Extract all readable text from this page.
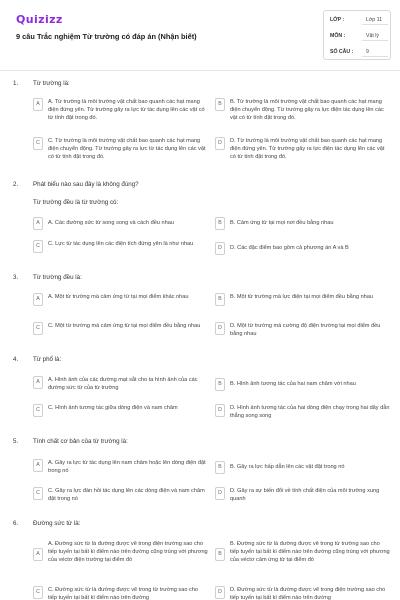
Quizizz
9 câu Trắc nghiệm Từ trường có đáp án (Nhận biết)
LỚP :	Lớp 11
MÔN :	Vật lý
SỐ CÂU : 9
1. Từ trường là:
A	A. Từ trường là môi trường vật chất bao quanh các hạt mang điện đứng yên. Từ trường gây ra lực từ tác dụng lên các vật có từ tính đặt trong đó.
B	B. Từ trường là môi trường vật chất bao quanh các hạt mang điện chuyển động. Từ trường gây ra lực điện tác dụng lên các vật có từ tính đặt trong đó.
C	C. Từ trường là môi trường vật chất bao quanh các hạt mang điện chuyển động. Từ trường gây ra lực từ tác dụng lên các vật có từ tính đặt trong đó.
D	D. Từ trường là môi trường vật chất bao quanh các hạt mang điện đứng yên. Từ trường gây ra lực điện tác dụng lên các vật có từ tính đặt trong đó.
2. Phát biểu nào sau đây là không đúng?
Từ trường đều là từ trường có:
A	A. Các đường sức từ song song và cách đều nhau	B	B. Cảm ứng từ tại mọi nơi đều bằng nhau
C	C. Lực từ tác dụng lên các điện tích đứng yên là như nhau
D	D. Các đặc điểm bao gồm cả phương án A và B
3. Từ trường đều là:
A	A. Một từ trường mà cảm ứng từ tại mọi điểm khác nhau	B	B. Một từ trường mà lực điện tại mọi điểm đều bằng nhau
C	C. Một từ trường mà cảm ứng từ tại mọi điểm đều bằng nhau	D	D. Một từ trường mà cường độ điện trường tại mọi điểm đều bằng nhau
4. Từ phổ là:
A	A. Hình ảnh của các đường mạt sắt cho ta hình ảnh của các đường sức từ của từ trường
B	B. Hình ảnh tương tác của hai nam châm với nhau
C	C. Hình ảnh tương tác giữa dòng điện và nam châm	D	D. Hình ảnh tương tác của hai dòng điện chạy trong hai dây dẫn thẳng song song
5. Tính chất cơ bản của từ trường là:
A	A. Gây ra lực từ tác dụng lên nam châm hoặc lên dòng điện đặt trong nó
B	B. Gây ra lực hấp dẫn lên các vật đặt trong nó
C	C. Gây ra lực đàn hồi tác dụng lên các dòng điện và nam châm đặt trong nó
D	D. Gây ra sự biến đổi về tính chất điện của môi trường xung quanh
6. Đường sức từ là:
A
A. Đường sức từ là đường được vẽ trong điện trường sao cho tiếp tuyến tại bất kì điểm nào trên đường cũng trùng với phương của véctơ điện trường tại điểm đó
B
B. Đường sức từ là đường được vẽ trong từ trường sao cho tiếp tuyến tại bất kì điểm nào trên đường cũng trùng với phương của véctơ cảm ứng từ tại điểm đó
C	C. Đường sức từ là đường được vẽ trong từ trường sao cho tiếp tuyến tại bất kì điểm nào trên đường
D	D. Đường sức từ là đường được vẽ trong điện trường sao cho tiếp tuyến tại bất kì điểm nào trên đường
